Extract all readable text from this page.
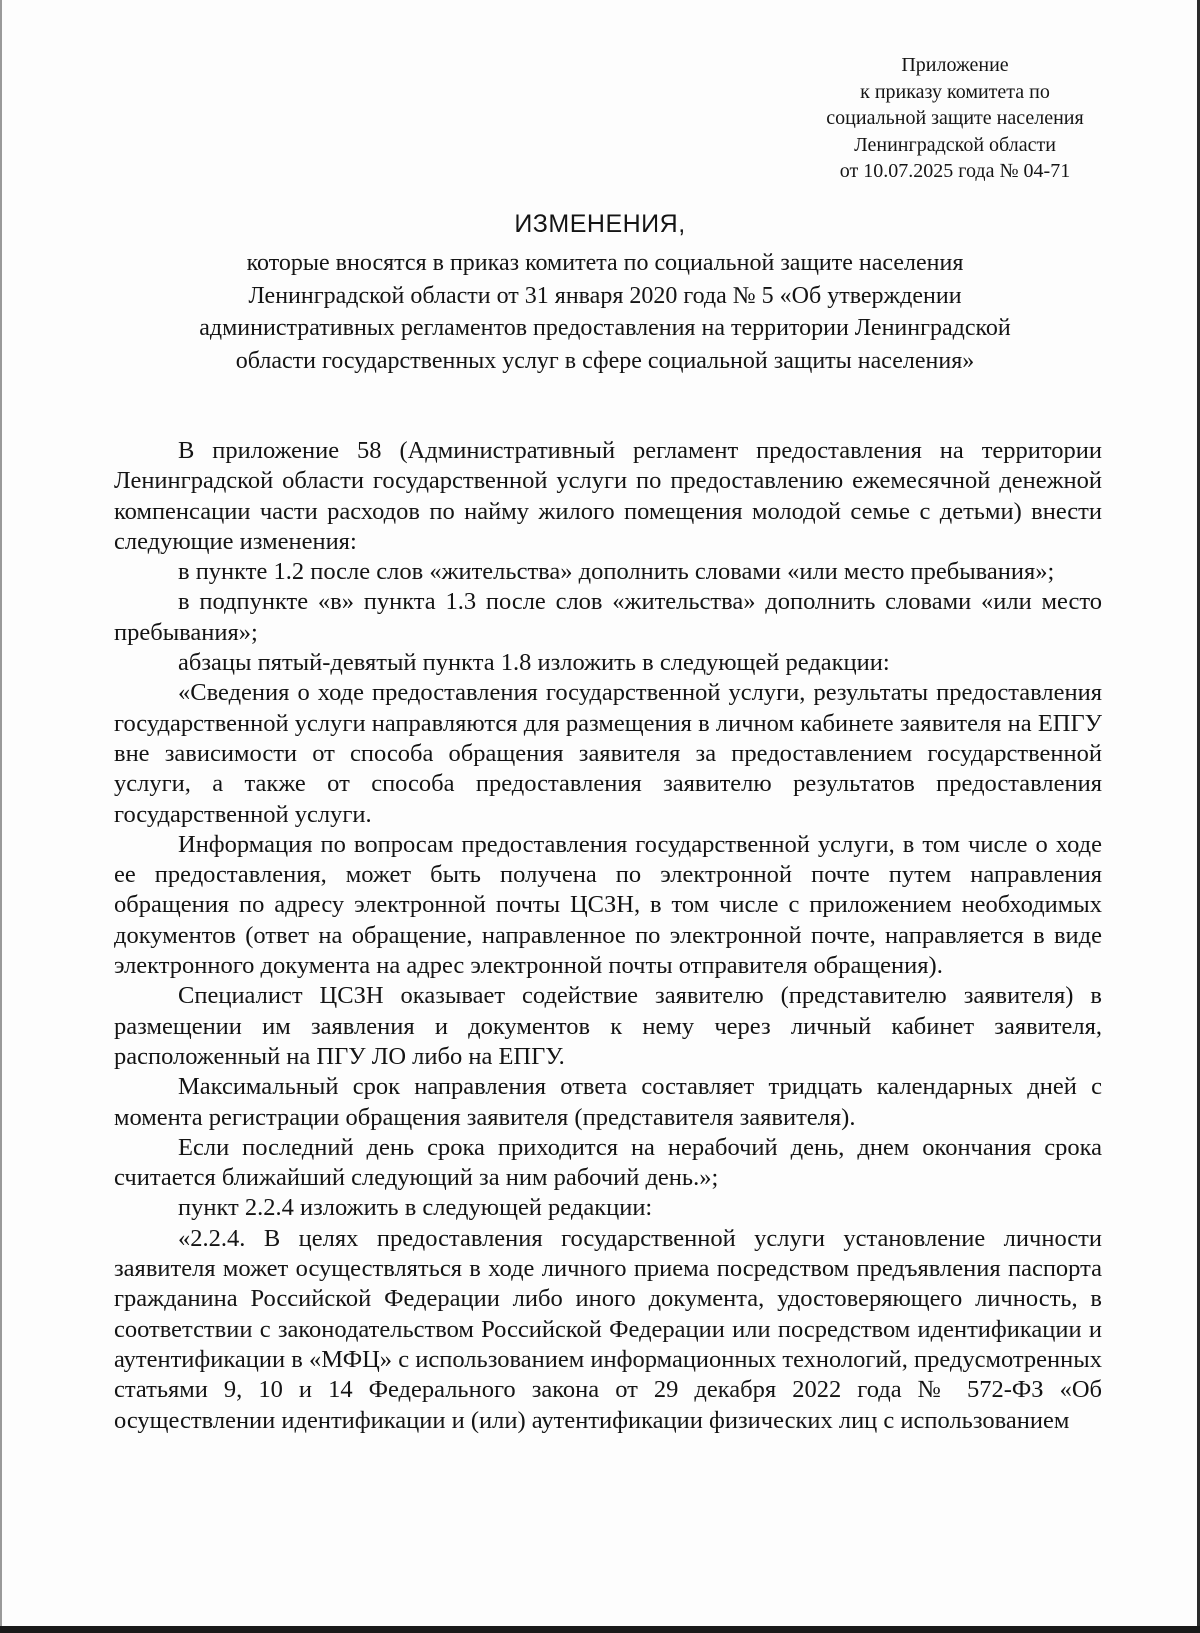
Приложение
к приказу комитета по
социальной защите населения
Ленинградской области
от 10.07.2025 года № 04-71
ИЗМЕНЕНИЯ,
которые вносятся в приказ комитета по социальной защите населения
Ленинградской области от 31 января 2020 года № 5 «Об утверждении
административных регламентов предоставления на территории Ленинградской
области государственных услуг в сфере социальной защиты населения»

В приложение 58 (Административный регламент предоставления на территории Ленинградской области государственной услуги по предоставлению ежемесячной денежной компенсации части расходов по найму жилого помещения молодой семье с детьми) внести следующие изменения:

в пункте 1.2 после слов «жительства» дополнить словами «или место пребывания»;

в подпункте «в» пункта 1.3 после слов «жительства» дополнить словами «или место пребывания»;

абзацы пятый-девятый пункта 1.8 изложить в следующей редакции:

«Сведения о ходе предоставления государственной услуги, результаты предоставления государственной услуги направляются для размещения в личном кабинете заявителя на ЕПГУ вне зависимости от способа обращения заявителя за предоставлением государственной услуги, а также от способа предоставления заявителю результатов предоставления государственной услуги.

Информация по вопросам предоставления государственной услуги, в том числе о ходе ее предоставления, может быть получена по электронной почте путем направления обращения по адресу электронной почты ЦСЗН, в том числе с приложением необходимых документов (ответ на обращение, направленное по электронной почте, направляется в виде электронного документа на адрес электронной почты отправителя обращения).

Специалист ЦСЗН оказывает содействие заявителю (представителю заявителя) в размещении им заявления и документов к нему через личный кабинет заявителя, расположенный на ПГУ ЛО либо на ЕПГУ.

Максимальный срок направления ответа составляет тридцать календарных дней с момента регистрации обращения заявителя (представителя заявителя).

Если последний день срока приходится на нерабочий день, днем окончания срока считается ближайший следующий за ним рабочий день.»;

пункт 2.2.4 изложить в следующей редакции:

«2.2.4. В целях предоставления государственной услуги установление личности заявителя может осуществляться в ходе личного приема посредством предъявления паспорта гражданина Российской Федерации либо иного документа, удостоверяющего личность, в соответствии с законодательством Российской Федерации или посредством идентификации и аутентификации в «МФЦ» с использованием информационных технологий, предусмотренных статьями 9, 10 и 14 Федерального закона от 29 декабря 2022 года № 572-ФЗ «Об осуществлении идентификации и (или) аутентификации физических лиц с использованием
